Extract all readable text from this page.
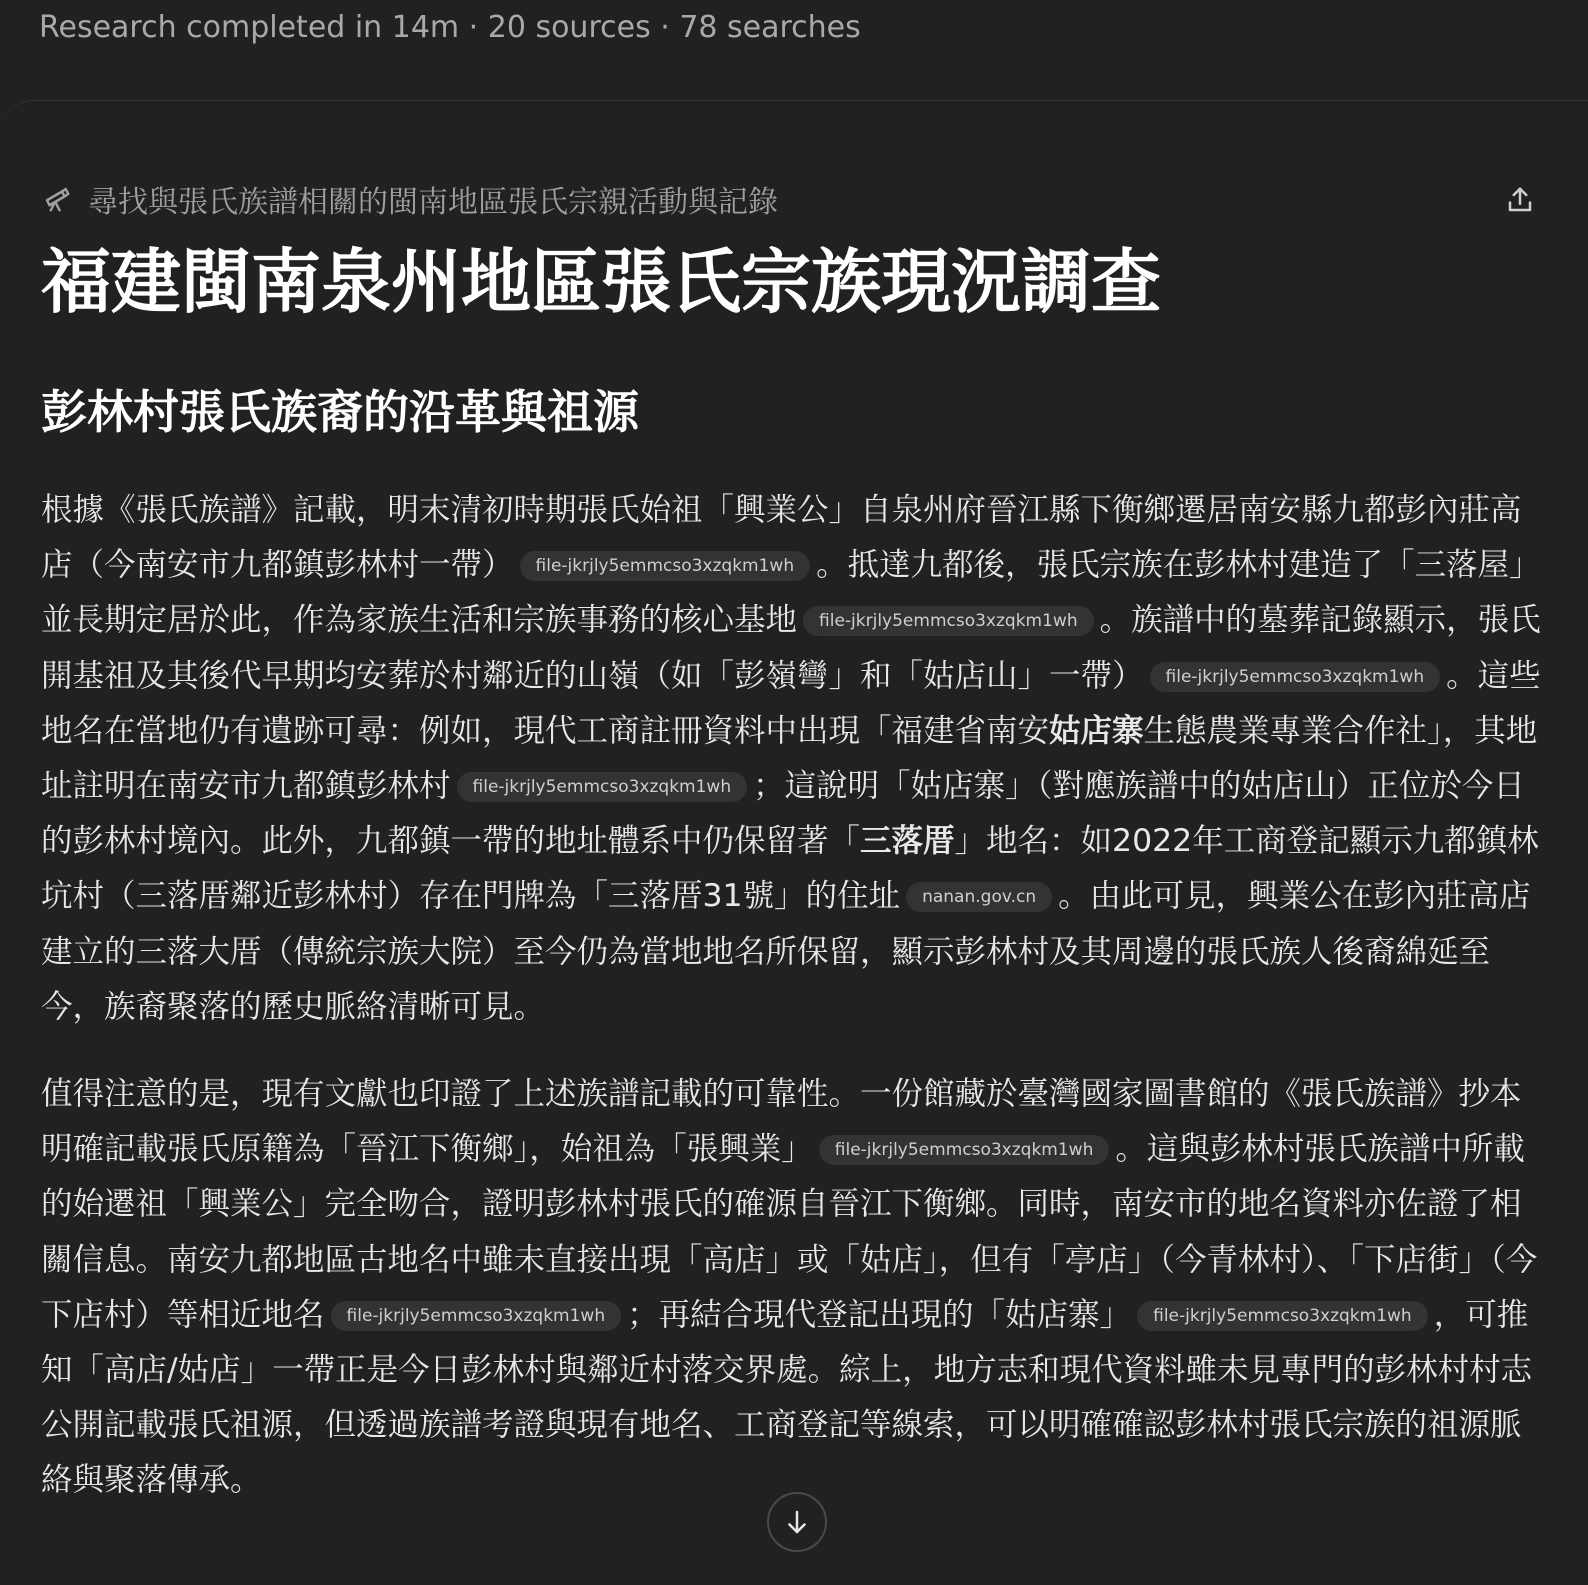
Research completed in 14m · 20 sources · 78 searches
尋找與張氏族譜相關的閩南地區張氏宗親活動與記錄
福建閩南泉州地區張氏宗族現況調查
彭林村張氏族裔的沿革與祖源

根據《張氏族譜》記載，明末清初時期張氏始祖「興業公」自泉州府晉江縣下衡鄉遷居南安縣九都彭內莊高店（今南安市九都鎮彭林村一帶） file-jkrjly5emmcso3xzqkm1wh 。抵達九都後，張氏宗族在彭林村建造了「三落屋」並長期定居於此，作為家族生活和宗族事務的核心基地 file-jkrjly5emmcso3xzqkm1wh 。族譜中的墓葬記錄顯示，張氏開基祖及其後代早期均安葬於村鄰近的山嶺（如「彭嶺彎」和「姑店山」一帶） file-jkrjly5emmcso3xzqkm1wh 。這些地名在當地仍有遺跡可尋：例如，現代工商註冊資料中出現「福建省南安姑店寨生態農業專業合作社」，其地址註明在南安市九都鎮彭林村 file-jkrjly5emmcso3xzqkm1wh ；這說明「姑店寨」（對應族譜中的姑店山）正位於今日的彭林村境內。此外，九都鎮一帶的地址體系中仍保留著「三落厝」地名：如2022年工商登記顯示九都鎮林坑村（三落厝鄰近彭林村）存在門牌為「三落厝31號」的住址 nanan.gov.cn 。由此可見，興業公在彭內莊高店建立的三落大厝（傳統宗族大院）至今仍為當地地名所保留，顯示彭林村及其周邊的張氏族人後裔綿延至今，族裔聚落的歷史脈絡清晰可見。

值得注意的是，現有文獻也印證了上述族譜記載的可靠性。一份館藏於臺灣國家圖書館的《張氏族譜》抄本明確記載張氏原籍為「晉江下衡鄉」，始祖為「張興業」 file-jkrjly5emmcso3xzqkm1wh 。這與彭林村張氏族譜中所載的始遷祖「興業公」完全吻合，證明彭林村張氏的確源自晉江下衡鄉。同時，南安市的地名資料亦佐證了相關信息。南安九都地區古地名中雖未直接出現「高店」或「姑店」，但有「亭店」（今青林村）、「下店街」（今下店村）等相近地名 file-jkrjly5emmcso3xzqkm1wh ；再結合現代登記出現的「姑店寨」 file-jkrjly5emmcso3xzqkm1wh ，可推知「高店/姑店」一帶正是今日彭林村與鄰近村落交界處。綜上，地方志和現代資料雖未見專門的彭林村村志公開記載張氏祖源，但透過族譜考證與現有地名、工商登記等線索，可以明確確認彭林村張氏宗族的祖源脈絡與聚落傳承。
